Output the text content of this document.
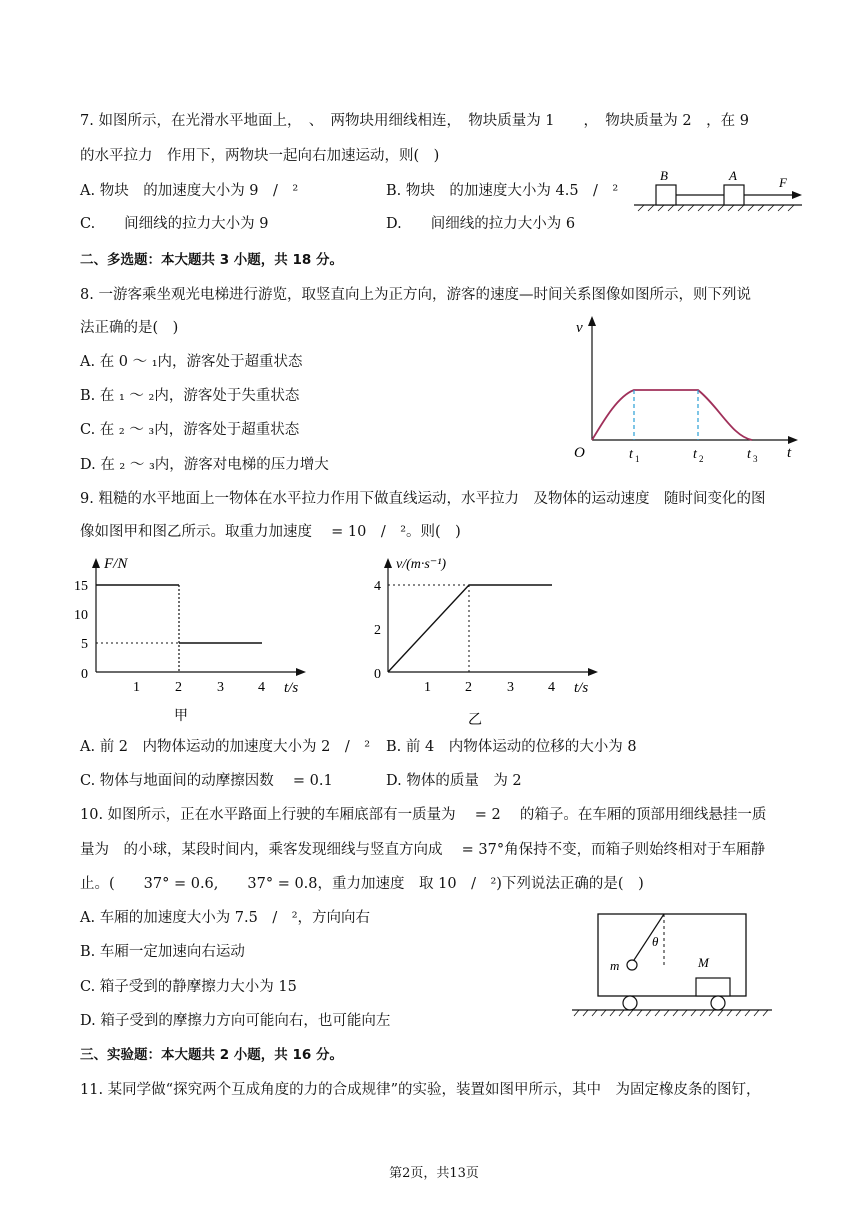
7. 如图所示，在光滑水平地面上，　、　两物块用细线相连，　物块质量为 1　　，　物块质量为 2　，在 9
的水平拉力　作用下，两物块一起向右加速运动，则(　)
A. 物块　的加速度大小为 9　/　²	B. 物块　的加速度大小为 4.5　/　²
C.　　间细线的拉力大小为 9	D.　　间细线的拉力大小为 6
B	A	F
二、多选题：本大题共 3 小题，共 18 分。
8. 一游客乘坐观光电梯进行游览，取竖直向上为正方向，游客的速度—时间关系图像如图所示，则下列说
法正确的是(　)
A. 在 0 ～ ₁内，游客处于超重状态
B. 在 ₁ ～ ₂内，游客处于失重状态
C. 在 ₂ ～ ₃内，游客处于超重状态
D. 在 ₂ ～ ₃内，游客对电梯的压力增大
v
t
O	t 1	t 2	t 3
9. 粗糙的水平地面上一物体在水平拉力作用下做直线运动，水平拉力　及物体的运动速度　随时间变化的图
像如图甲和图乙所示。取重力加速度　 = 10　/　²。则(　)
F/N
15
10
5
0
1	2	3 4 t/s
甲
v/(m·s⁻¹)
4
2
0
1 2	3 4 t/s
乙
A. 前 2　内物体运动的加速度大小为 2　/　² B. 前 4　内物体运动的位移的大小为 8
C. 物体与地面间的动摩擦因数　 = 0.1	D. 物体的质量　为 2
10. 如图所示，正在水平路面上行驶的车厢底部有一质量为　 = 2　 的箱子。在车厢的顶部用细线悬挂一质
量为　的小球，某段时间内，乘客发现细线与竖直方向成　 = 37°角保持不变，而箱子则始终相对于车厢静
止。(　　37° = 0.6,　　37° = 0.8，重力加速度　取 10　/　²)下列说法正确的是(　)
A. 车厢的加速度大小为 7.5　/　²，方向向右
B. 车厢一定加速向右运动
C. 箱子受到的静摩擦力大小为 15
D. 箱子受到的摩擦力方向可能向右，也可能向左
θ
m	M
三、实验题：本大题共 2 小题，共 16 分。
11. 某同学做“探究两个互成角度的力的合成规律”的实验，装置如图甲所示，其中　为固定橡皮条的图钉，
第2页，共13页
